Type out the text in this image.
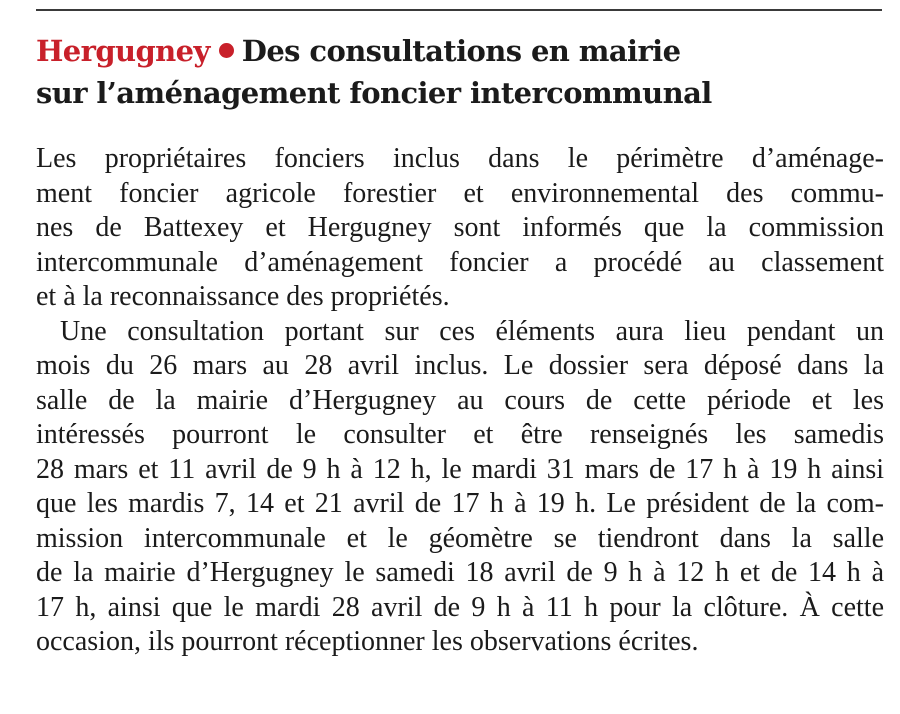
Hergugney Des consultations en mairie
sur l’aménagement foncier intercommunal
Les propriétaires fonciers inclus dans le périmètre d’aménage-
ment foncier agricole forestier et environnemental des commu-
nes de Battexey et Hergugney sont informés que la commission
intercommunale d’aménagement foncier a procédé au classement
et à la reconnaissance des propriétés.
Une consultation portant sur ces éléments aura lieu pendant un
mois du 26 mars au 28 avril inclus. Le dossier sera déposé dans la
salle de la mairie d’Hergugney au cours de cette période et les
intéressés pourront le consulter et être renseignés les samedis
28 mars et 11 avril de 9 h à 12 h, le mardi 31 mars de 17 h à 19 h ainsi
que les mardis 7, 14 et 21 avril de 17 h à 19 h. Le président de la com-
mission intercommunale et le géomètre se tiendront dans la salle
de la mairie d’Hergugney le samedi 18 avril de 9 h à 12 h et de 14 h à
17 h, ainsi que le mardi 28 avril de 9 h à 11 h pour la clôture. À cette
occasion, ils pourront réceptionner les observations écrites.
